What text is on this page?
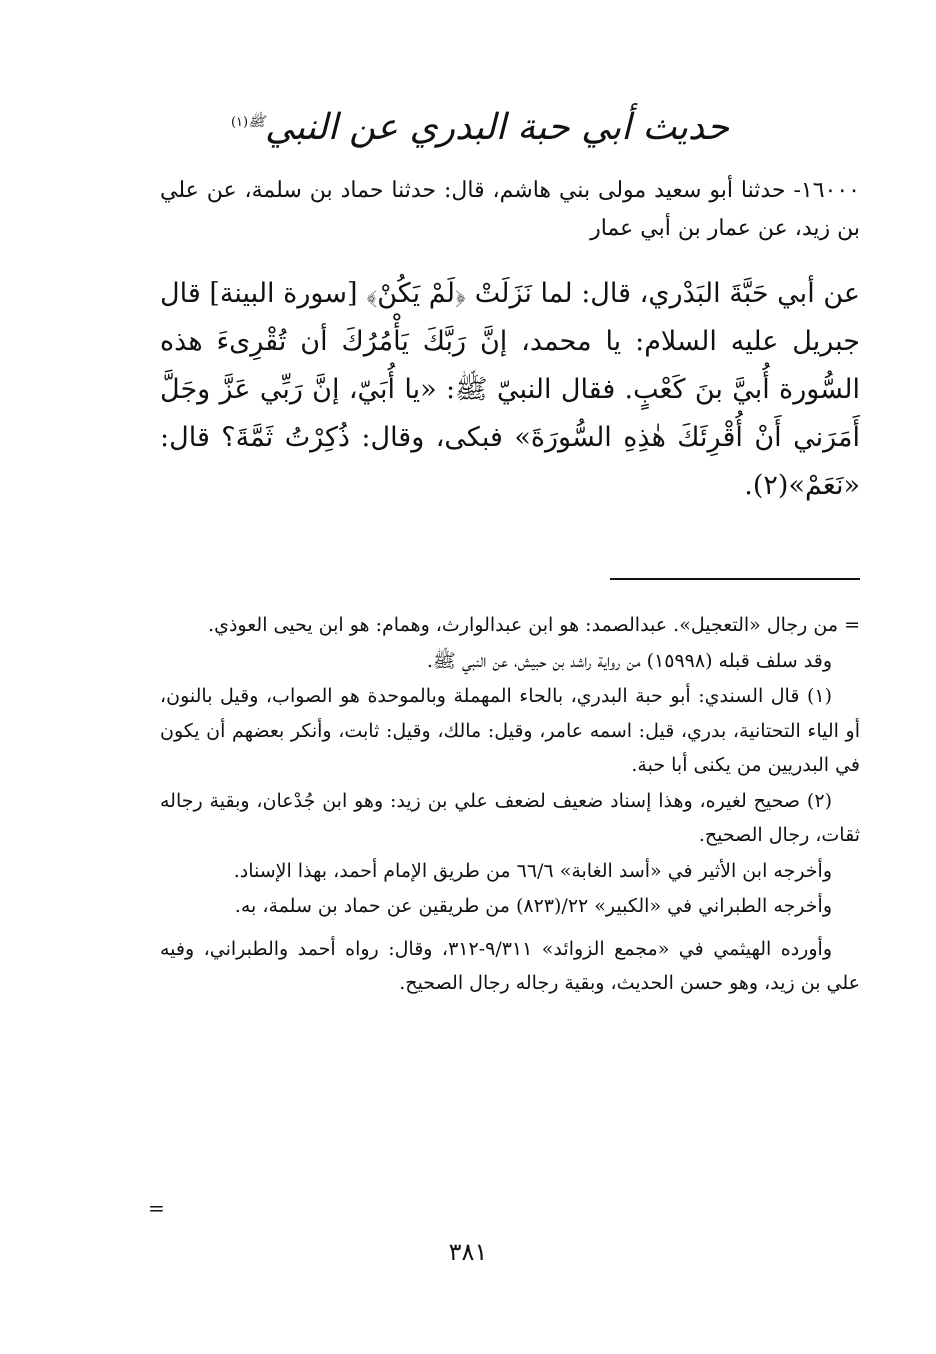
حديث أبي حبة البدري عن النبي$^{ﷺ(١)}$
١٦٠٠٠- حدثنا أبو سعيد مولى بني هاشم، قال: حدثنا حماد بن سلمة، عن علي بن زيد، عن عمار بن أبي عمار
عن أبي حَبَّةَ البَدْري، قال: لما نَزَلَتْ ﴿لَمْ يَكُنْ﴾ [سورة البينة] قال جبريل عليه السلام: يا محمد، إنَّ رَبَّكَ يَأْمُرُكَ أن تُقْرِىءَ هذه السُّورة أُبيَّ بنَ كَعْبٍ. فقال النبيّ ﷺ: «يا أُبَيّ، إنَّ رَبِّي عَزَّ وجَلَّ أَمَرَني أَنْ أُقْرِئَكَ هٰذِهِ السُّورَةَ» فبكى، وقال: ذُكِرْتُ ثَمَّةَ؟ قال: «نَعَمْ»(٢).

= من رجال «التعجيل». عبدالصمد: هو ابن عبدالوارث، وهمام: هو ابن يحيى العوذي.

وقد سلف قبله (١٥٩٩٨) من رواية راشد بن حبيش، عن النبي ﷺ.

(١) قال السندي: أبو حبة البدري، بالحاء المهملة وبالموحدة هو الصواب، وقيل بالنون، أو الياء التحتانية، بدري، قيل: اسمه عامر، وقيل: مالك، وقيل: ثابت، وأنكر بعضهم أن يكون في البدريين من يكنى أبا حبة.

(٢) صحيح لغيره، وهذا إسناد ضعيف لضعف علي بن زيد: وهو ابن جُدْعان، وبقية رجاله ثقات، رجال الصحيح.

وأخرجه ابن الأثير في «أسد الغابة» ٦٦/٦ من طريق الإمام أحمد، بهذا الإسناد.

وأخرجه الطبراني في «الكبير» ٢٢/(٨٢٣) من طريقين عن حماد بن سلمة، به.

وأورده الهيثمي في «مجمع الزوائد» ٩/٣١١-٣١٢، وقال: رواه أحمد والطبراني، وفيه علي بن زيد، وهو حسن الحديث، وبقية رجاله رجال الصحيح.

=
٣٨١
